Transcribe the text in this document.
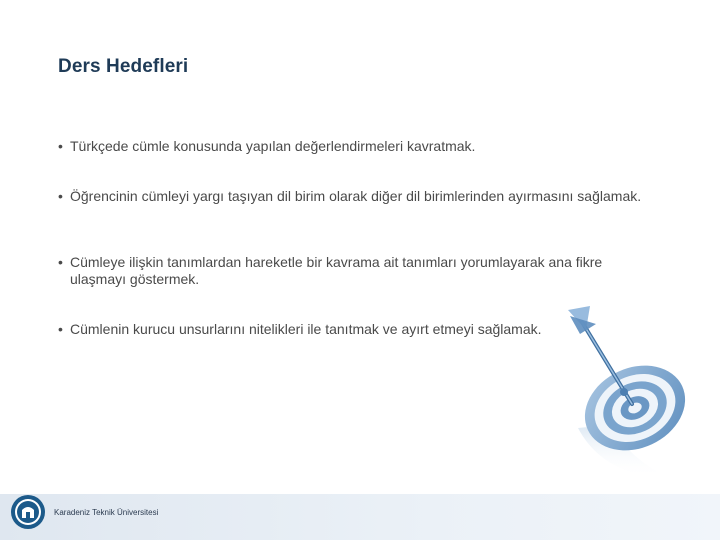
Ders Hedefleri
• Türkçede cümle konusunda yapılan değerlendirmeleri kavratmak.
• Öğrencinin cümleyi yargı taşıyan dil birim olarak diğer dil birimlerinden ayırmasını sağlamak.
• Cümleye ilişkin tanımlardan hareketle bir kavrama ait tanımları yorumlayarak ana fikre ulaşmayı göstermek.
• Cümlenin kurucu unsurlarını nitelikleri ile tanıtmak ve ayırt etmeyi sağlamak.
Karadeniz Teknik Üniversitesi
